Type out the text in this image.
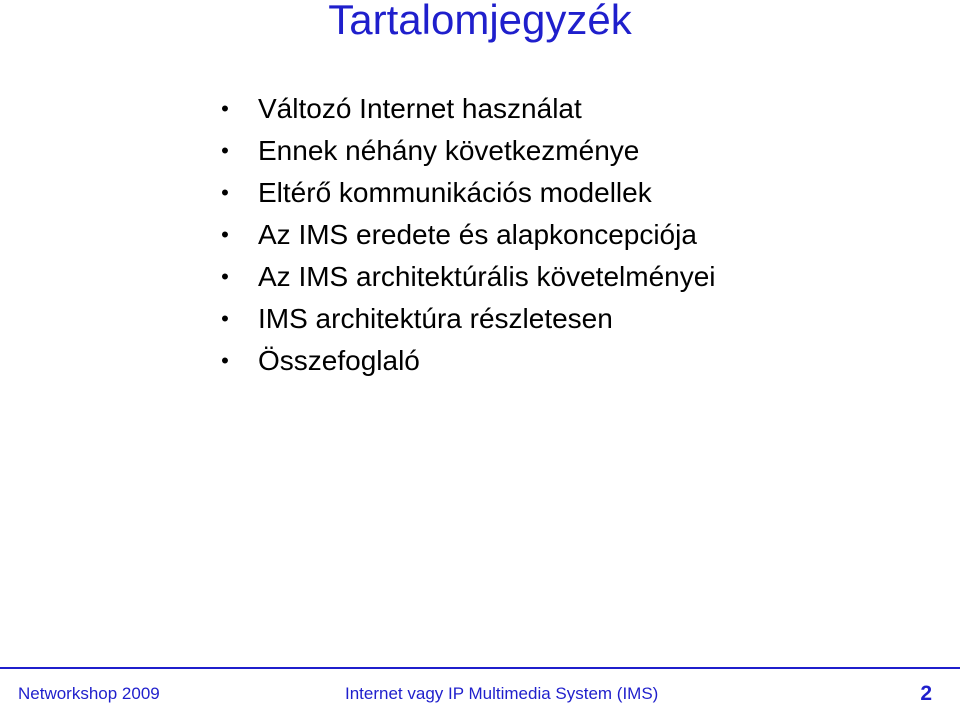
Tartalomjegyzék
• Változó Internet használat
• Ennek néhány következménye
• Eltérő kommunikációs modellek
• Az IMS eredete és alapkoncepciója
• Az IMS architektúrális követelményei
• IMS architektúra részletesen
• Összefoglaló
Networkshop 2009	Internet vagy IP Multimedia System (IMS)	2
